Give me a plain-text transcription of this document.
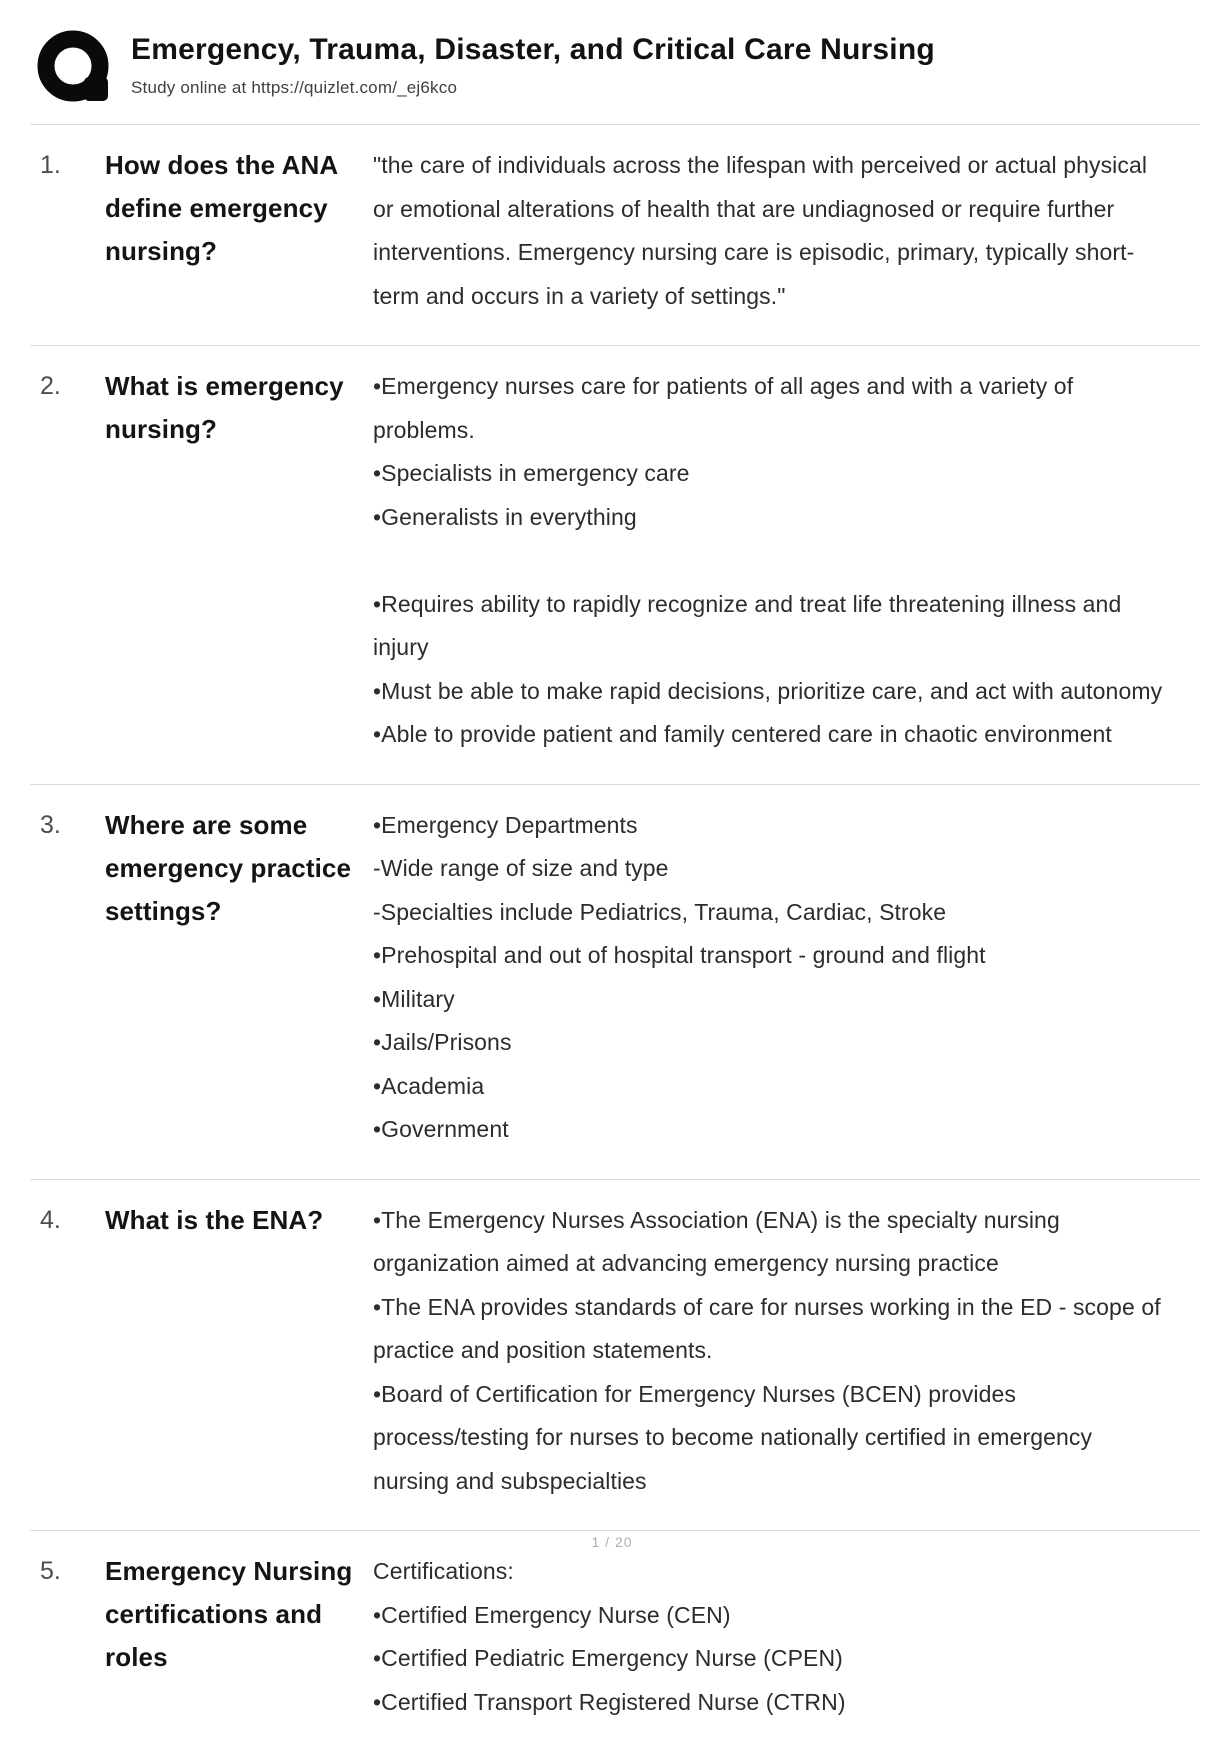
Emergency, Trauma, Disaster, and Critical Care Nursing
Study online at https://quizlet.com/_ej6kco
1.	How does the ANA define emergency nursing?
"the care of individuals across the lifespan with perceived or actual physical or emotional alterations of health that are undiagnosed or require further interventions. Emergency nursing care is episodic, primary, typically short-term and occurs in a variety of settings."
2.	What is emergency nursing?
•Emergency nurses care for patients of all ages and with a variety of problems.
•Specialists in emergency care
•Generalists in everything

•Requires ability to rapidly recognize and treat life threatening illness and injury
•Must be able to make rapid decisions, prioritize care, and act with autonomy
•Able to provide patient and family centered care in chaotic environment
3.	Where are some emergency practice settings?
•Emergency Departments
-Wide range of size and type
-Specialties include Pediatrics, Trauma, Cardiac, Stroke
•Prehospital and out of hospital transport - ground and flight
•Military
•Jails/Prisons
•Academia
•Government
4.	What is the ENA?	•The Emergency Nurses Association (ENA) is the specialty nursing organization aimed at advancing emergency nursing practice
•The ENA provides standards of care for nurses working in the ED - scope of practice and position statements.
•Board of Certification for Emergency Nurses (BCEN) provides process/testing for nurses to become nationally certified in emergency nursing and subspecialties
5.	Emergency Nursing certifications and roles
Certifications:
•Certified Emergency Nurse (CEN)
•Certified Pediatric Emergency Nurse (CPEN)
•Certified Transport Registered Nurse (CTRN)
1 / 20
